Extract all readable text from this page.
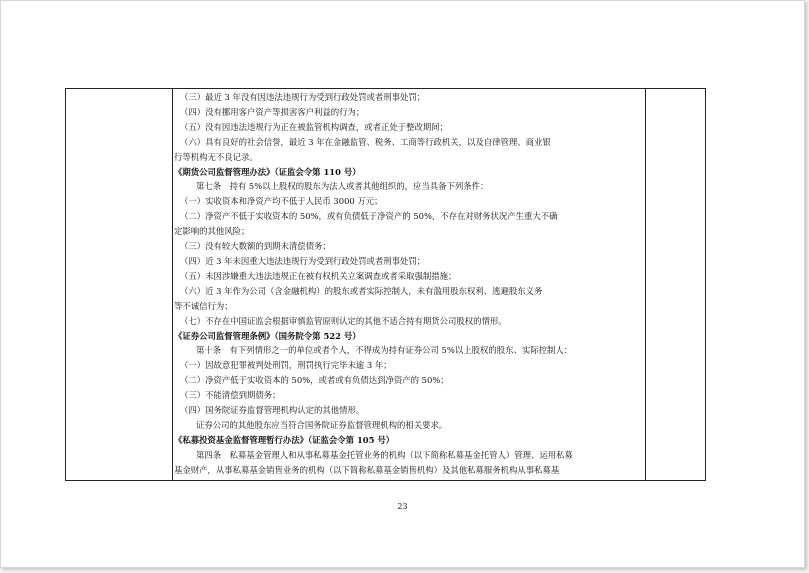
（三）最近 3 年没有因违法违规行为受到行政处罚或者刑事处罚；
（四）没有挪用客户资产等损害客户利益的行为；
（五）没有因违法违规行为正在被监管机构调查，或者正处于整改期间；
（六）具有良好的社会信誉，最近 3 年在金融监管、税务、工商等行政机关，以及自律管理、商业银
行等机构无不良记录。
《期货公司监督管理办法》（证监会令第 110 号）
第七条　持有 5%以上股权的股东为法人或者其他组织的，应当具备下列条件：
（一）实收资本和净资产均不低于人民币 3000 万元；
（二）净资产不低于实收资本的 50%，或有负债低于净资产的 50%，不存在对财务状况产生重大不确
定影响的其他风险；
（三）没有较大数额的到期未清偿债务；
（四）近 3 年未因重大违法违规行为受到行政处罚或者刑事处罚；
（五）未因涉嫌重大违法违规正在被有权机关立案调查或者采取强制措施；
（六）近 3 年作为公司（含金融机构）的股东或者实际控制人，未有滥用股东权利、逃避股东义务
等不诚信行为；
（七）不存在中国证监会根据审慎监管原则认定的其他不适合持有期货公司股权的情形。
《证券公司监督管理条例》（国务院令第 522 号）
第十条　有下列情形之一的单位或者个人，不得成为持有证券公司 5%以上股权的股东、实际控制人：
（一）因故意犯罪被判处刑罚，刑罚执行完毕未逾 3 年；
（二）净资产低于实收资本的 50%，或者或有负债达到净资产的 50%；
（三）不能清偿到期债务；
（四）国务院证券监督管理机构认定的其他情形。
证券公司的其他股东应当符合国务院证券监督管理机构的相关要求。
《私募投资基金监督管理暂行办法》（证监会令第 105 号）
第四条　私募基金管理人和从事私募基金托管业务的机构（以下简称私募基金托管人）管理、运用私募
基金财产，从事私募基金销售业务的机构（以下简称私募基金销售机构）及其他私募服务机构从事私募基
23
